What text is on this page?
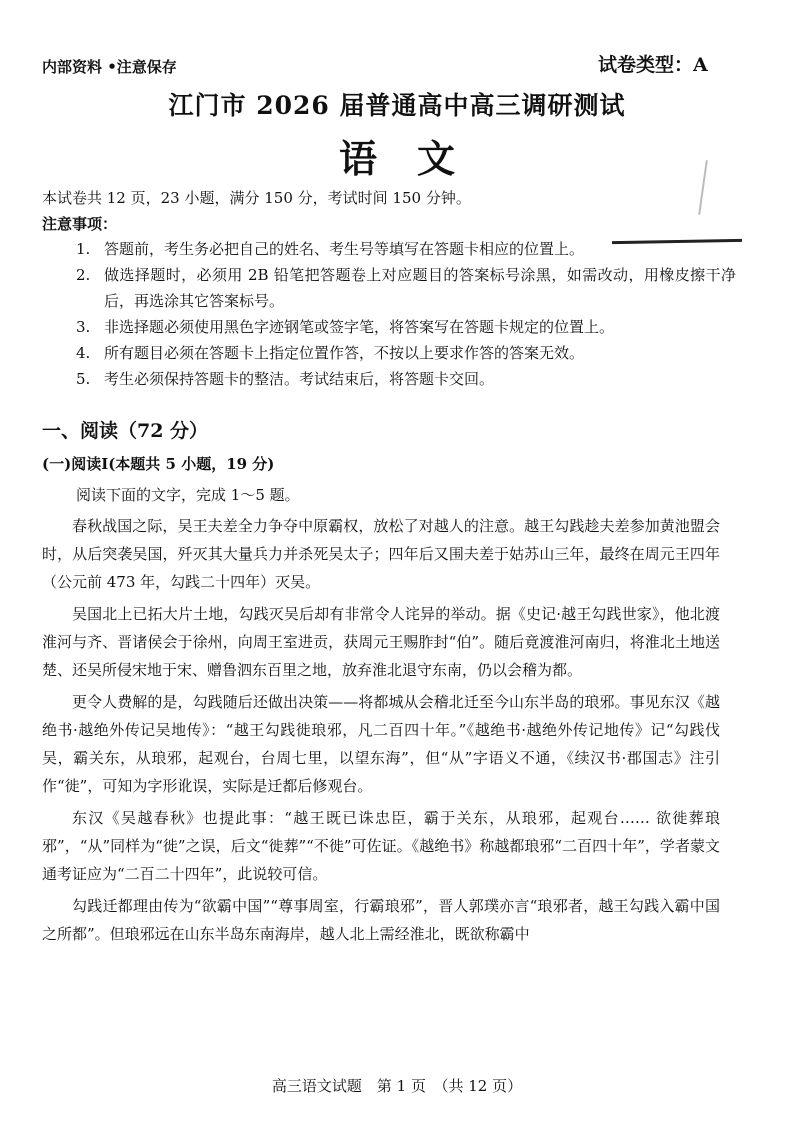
内部资料 •注意保存	试卷类型：A
江门市 2026 届普通高中高三调研测试
语文
本试卷共 12 页，23 小题，满分 150 分，考试时间 150 分钟。
注意事项：
1. 答题前，考生务必把自己的姓名、考生号等填写在答题卡相应的位置上。
2. 做选择题时，必须用 2B 铅笔把答题卷上对应题目的答案标号涂黑，如需改动，用橡皮擦干净后，再选涂其它答案标号。
3. 非选择题必须使用黑色字迹钢笔或签字笔，将答案写在答题卡规定的位置上。
4. 所有题目必须在答题卡上指定位置作答，不按以上要求作答的答案无效。
5. 考生必须保持答题卡的整洁。考试结束后，将答题卡交回。
一、阅读（72 分）
(一)阅读Ⅰ(本题共 5 小题，19 分)
阅读下面的文字，完成 1～5 题。

春秋战国之际，吴王夫差全力争夺中原霸权，放松了对越人的注意。越王勾践趁夫差参加黄池盟会时，从后突袭吴国，歼灭其大量兵力并杀死吴太子；四年后又围夫差于姑苏山三年，最终在周元王四年（公元前 473 年，勾践二十四年）灭吴。

吴国北上已拓大片土地，勾践灭吴后却有非常令人诧异的举动。据《史记·越王勾践世家》，他北渡淮河与齐、晋诸侯会于徐州，向周王室进贡，获周元王赐胙封“伯”。随后竟渡淮河南归，将淮北土地送楚、还吴所侵宋地于宋、赠鲁泗东百里之地，放弃淮北退守东南，仍以会稽为都。

更令人费解的是，勾践随后还做出决策——将都城从会稽北迁至今山东半岛的琅邪。事见东汉《越绝书·越绝外传记吴地传》：“越王勾践徙琅邪，凡二百四十年。”《越绝书·越绝外传记地传》记“勾践伐吴，霸关东，从琅邪，起观台，台周七里，以望东海”，但“从”字语义不通，《续汉书·郡国志》注引作“徙”，可知为字形讹误，实际是迁都后修观台。

东汉《吴越春秋》也提此事：“越王既已诛忠臣，霸于关东，从琅邪，起观台…… 欲徙葬琅邪”，“从”同样为“徙”之误，后文“徙葬”“不徙”可佐证。《越绝书》称越都琅邪“二百四十年”，学者蒙文通考证应为“二百二十四年”，此说较可信。

勾践迁都理由传为“欲霸中国”“尊事周室，行霸琅邪”，晋人郭璞亦言“琅邪者，越王勾践入霸中国之所都”。但琅邪远在山东半岛东南海岸，越人北上需经淮北，既欲称霸中

高三语文试题　第 1 页　（共 12 页）
